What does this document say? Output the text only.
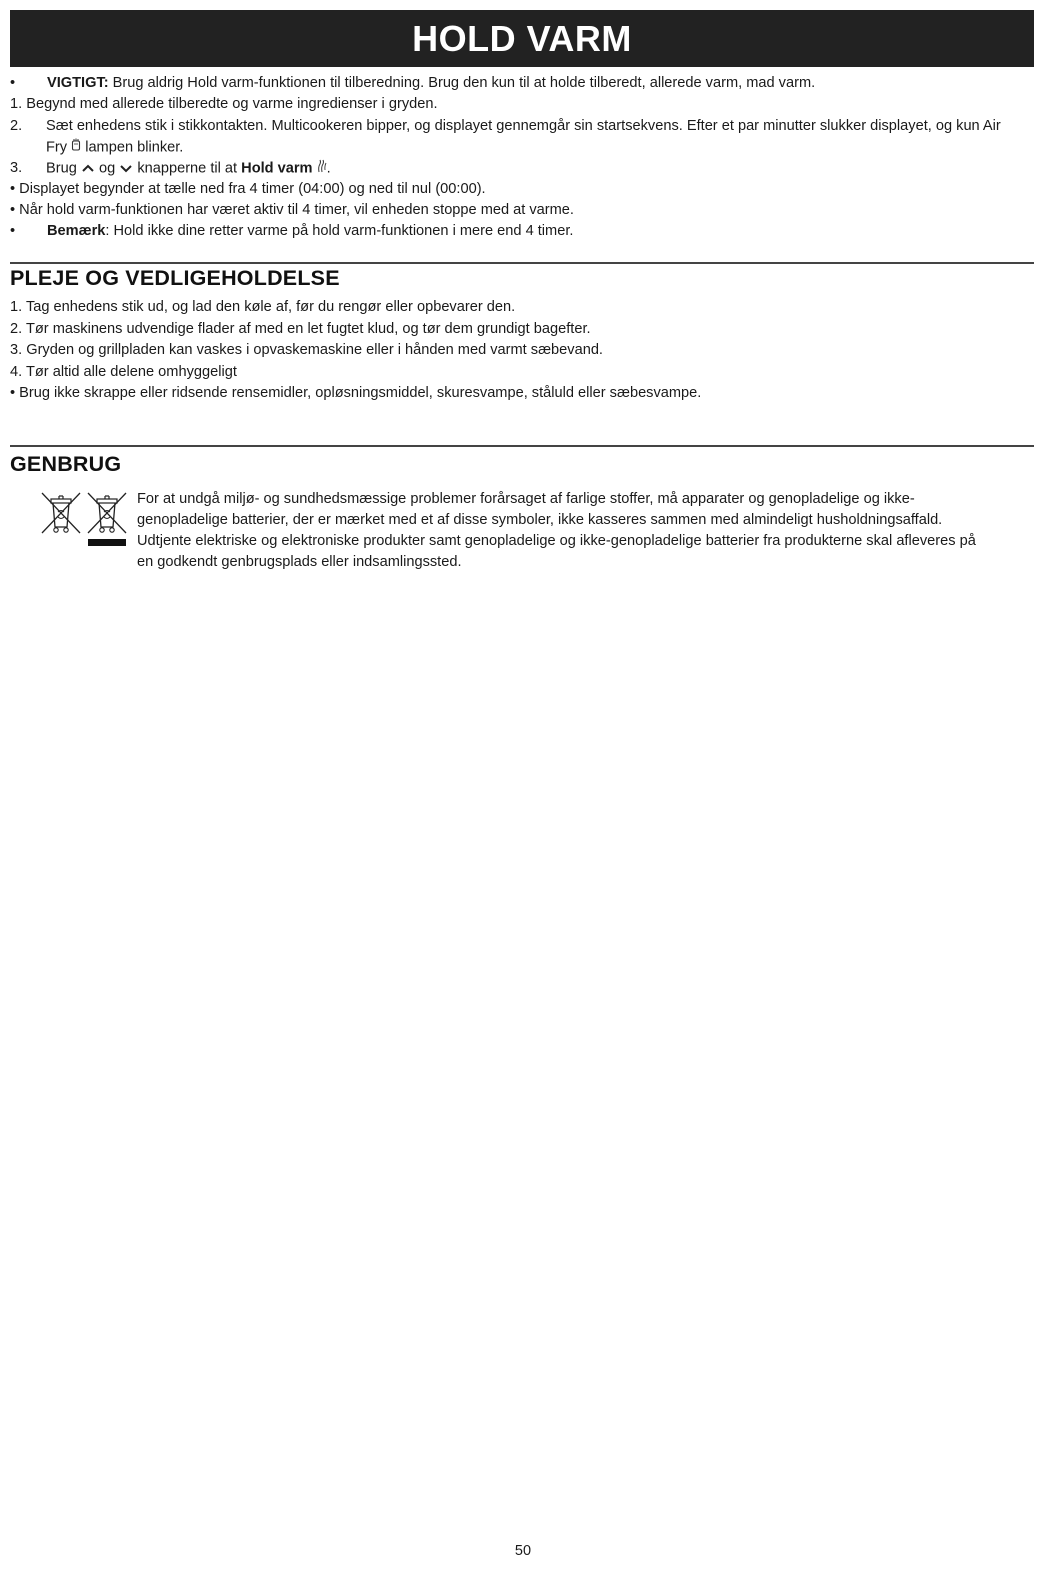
HOLD VARM
• VIGTIGT: Brug aldrig Hold varm-funktionen til tilberedning. Brug den kun til at holde tilberedt, allerede varm, mad varm.
1. Begynd med allerede tilberedte og varme ingredienser i gryden.
2. Sæt enhedens stik i stikkontakten. Multicookeren bipper, og displayet gennemgår sin startsekvens. Efter et par minutter slukker displayet, og kun Air
Fry lampen blinker.
3. Brug og knapperne til at Hold varm .
• Displayet begynder at tælle ned fra 4 timer (04:00) og ned til nul (00:00).
• Når hold varm-funktionen har været aktiv til 4 timer, vil enheden stoppe med at varme.
• Bemærk: Hold ikke dine retter varme på hold varm-funktionen i mere end 4 timer.
PLEJE OG VEDLIGEHOLDELSE
1. Tag enhedens stik ud, og lad den køle af, før du rengør eller opbevarer den.
2. Tør maskinens udvendige flader af med en let fugtet klud, og tør dem grundigt bagefter.
3. Gryden og grillpladen kan vaskes i opvaskemaskine eller i hånden med varmt sæbevand.
4. Tør altid alle delene omhyggeligt
• Brug ikke skrappe eller ridsende rensemidler, opløsningsmiddel, skuresvampe, ståluld eller sæbesvampe.
GENBRUG
For at undgå miljø- og sundhedsmæssige problemer forårsaget af farlige stoffer, må apparater og genopladelige og ikke-
genopladelige batterier, der er mærket med et af disse symboler, ikke kasseres sammen med almindeligt husholdningsaffald.
Udtjente elektriske og elektroniske produkter samt genopladelige og ikke-genopladelige batterier fra produkterne skal afleveres på
en godkendt genbrugsplads eller indsamlingssted.
50
